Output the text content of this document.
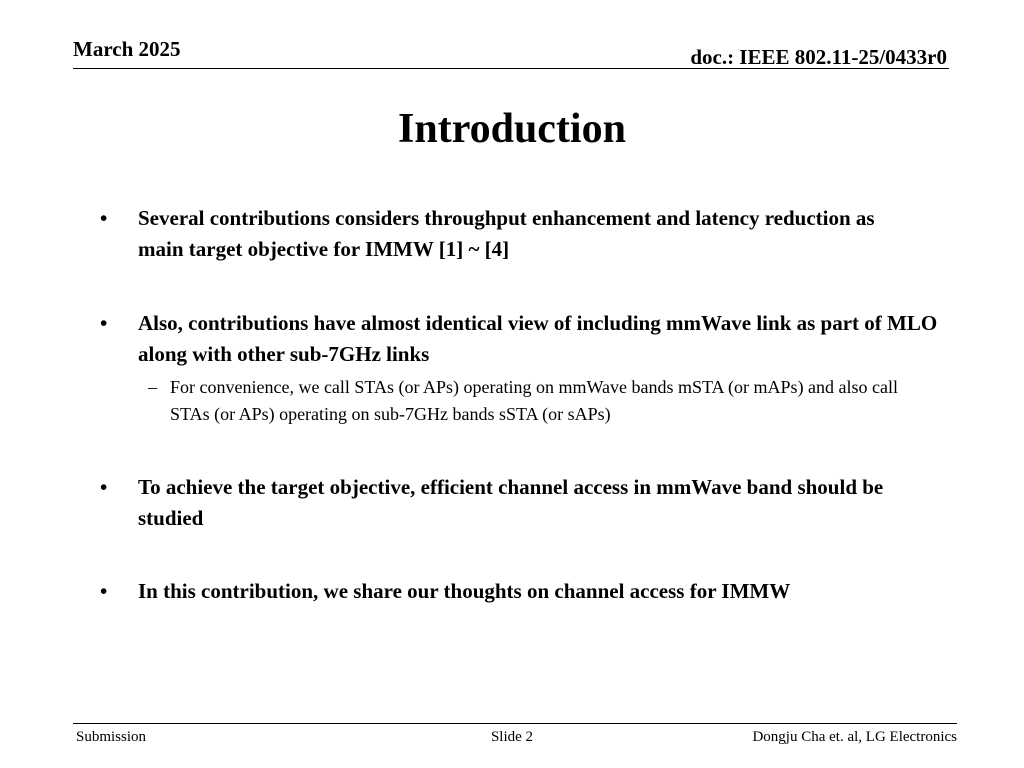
March 2025	doc.: IEEE 802.11-25/0433r0
Introduction
• Several contributions considers throughput enhancement and latency reduction as main target objective for IMMW [1] ~ [4]
• Also, contributions have almost identical view of including mmWave link as part of MLO along with other sub-7GHz links
– For convenience, we call STAs (or APs) operating on mmWave bands mSTA (or mAPs) and also call STAs (or APs) operating on sub-7GHz bands sSTA (or sAPs)
• To achieve the target objective, efficient channel access in mmWave band should be studied
• In this contribution, we share our thoughts on channel access for IMMW
Submission	Slide 2	Dongju Cha et. al, LG Electronics
